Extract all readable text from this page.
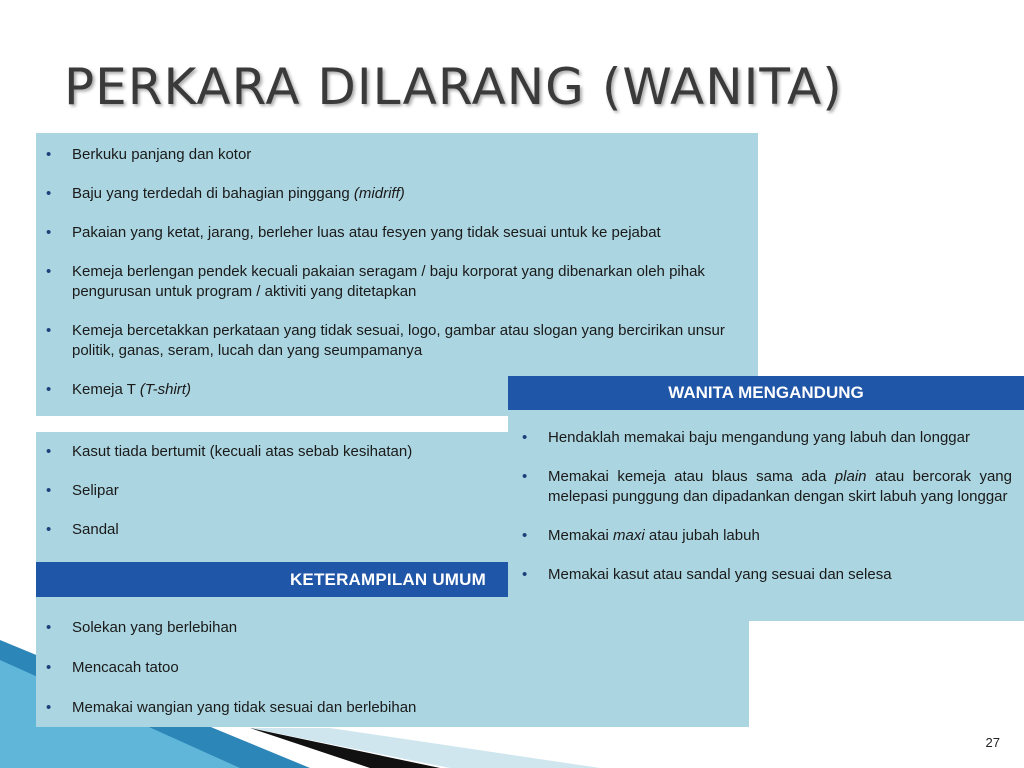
PERKARA DILARANG (WANITA)
• Berkuku panjang dan kotor
• Baju yang terdedah di bahagian pinggang (midriff)
• Pakaian yang ketat, jarang, berleher luas atau fesyen yang tidak sesuai untuk ke pejabat
• Kemeja berlengan pendek kecuali pakaian seragam / baju korporat yang dibenarkan oleh pihak pengurusan untuk program / aktiviti yang ditetapkan
• Kemeja bercetakkan perkataan yang tidak sesuai, logo, gambar atau slogan yang bercirikan unsur politik, ganas, seram, lucah dan yang seumpamanya
• Kemeja T (T-shirt)
• Kasut tiada bertumit (kecuali atas sebab kesihatan)
• Selipar
• Sandal
KETERAMPILAN UMUM
• Solekan yang berlebihan
• Mencacah tatoo
• Memakai wangian yang tidak sesuai dan berlebihan
WANITA MENGANDUNG
• Hendaklah memakai baju mengandung yang labuh dan longgar
• Memakai kemeja atau blaus sama ada plain atau bercorak yang melepasi punggung dan dipadankan dengan skirt labuh yang longgar
• Memakai maxi atau jubah labuh
• Memakai kasut atau sandal yang sesuai dan selesa
27
